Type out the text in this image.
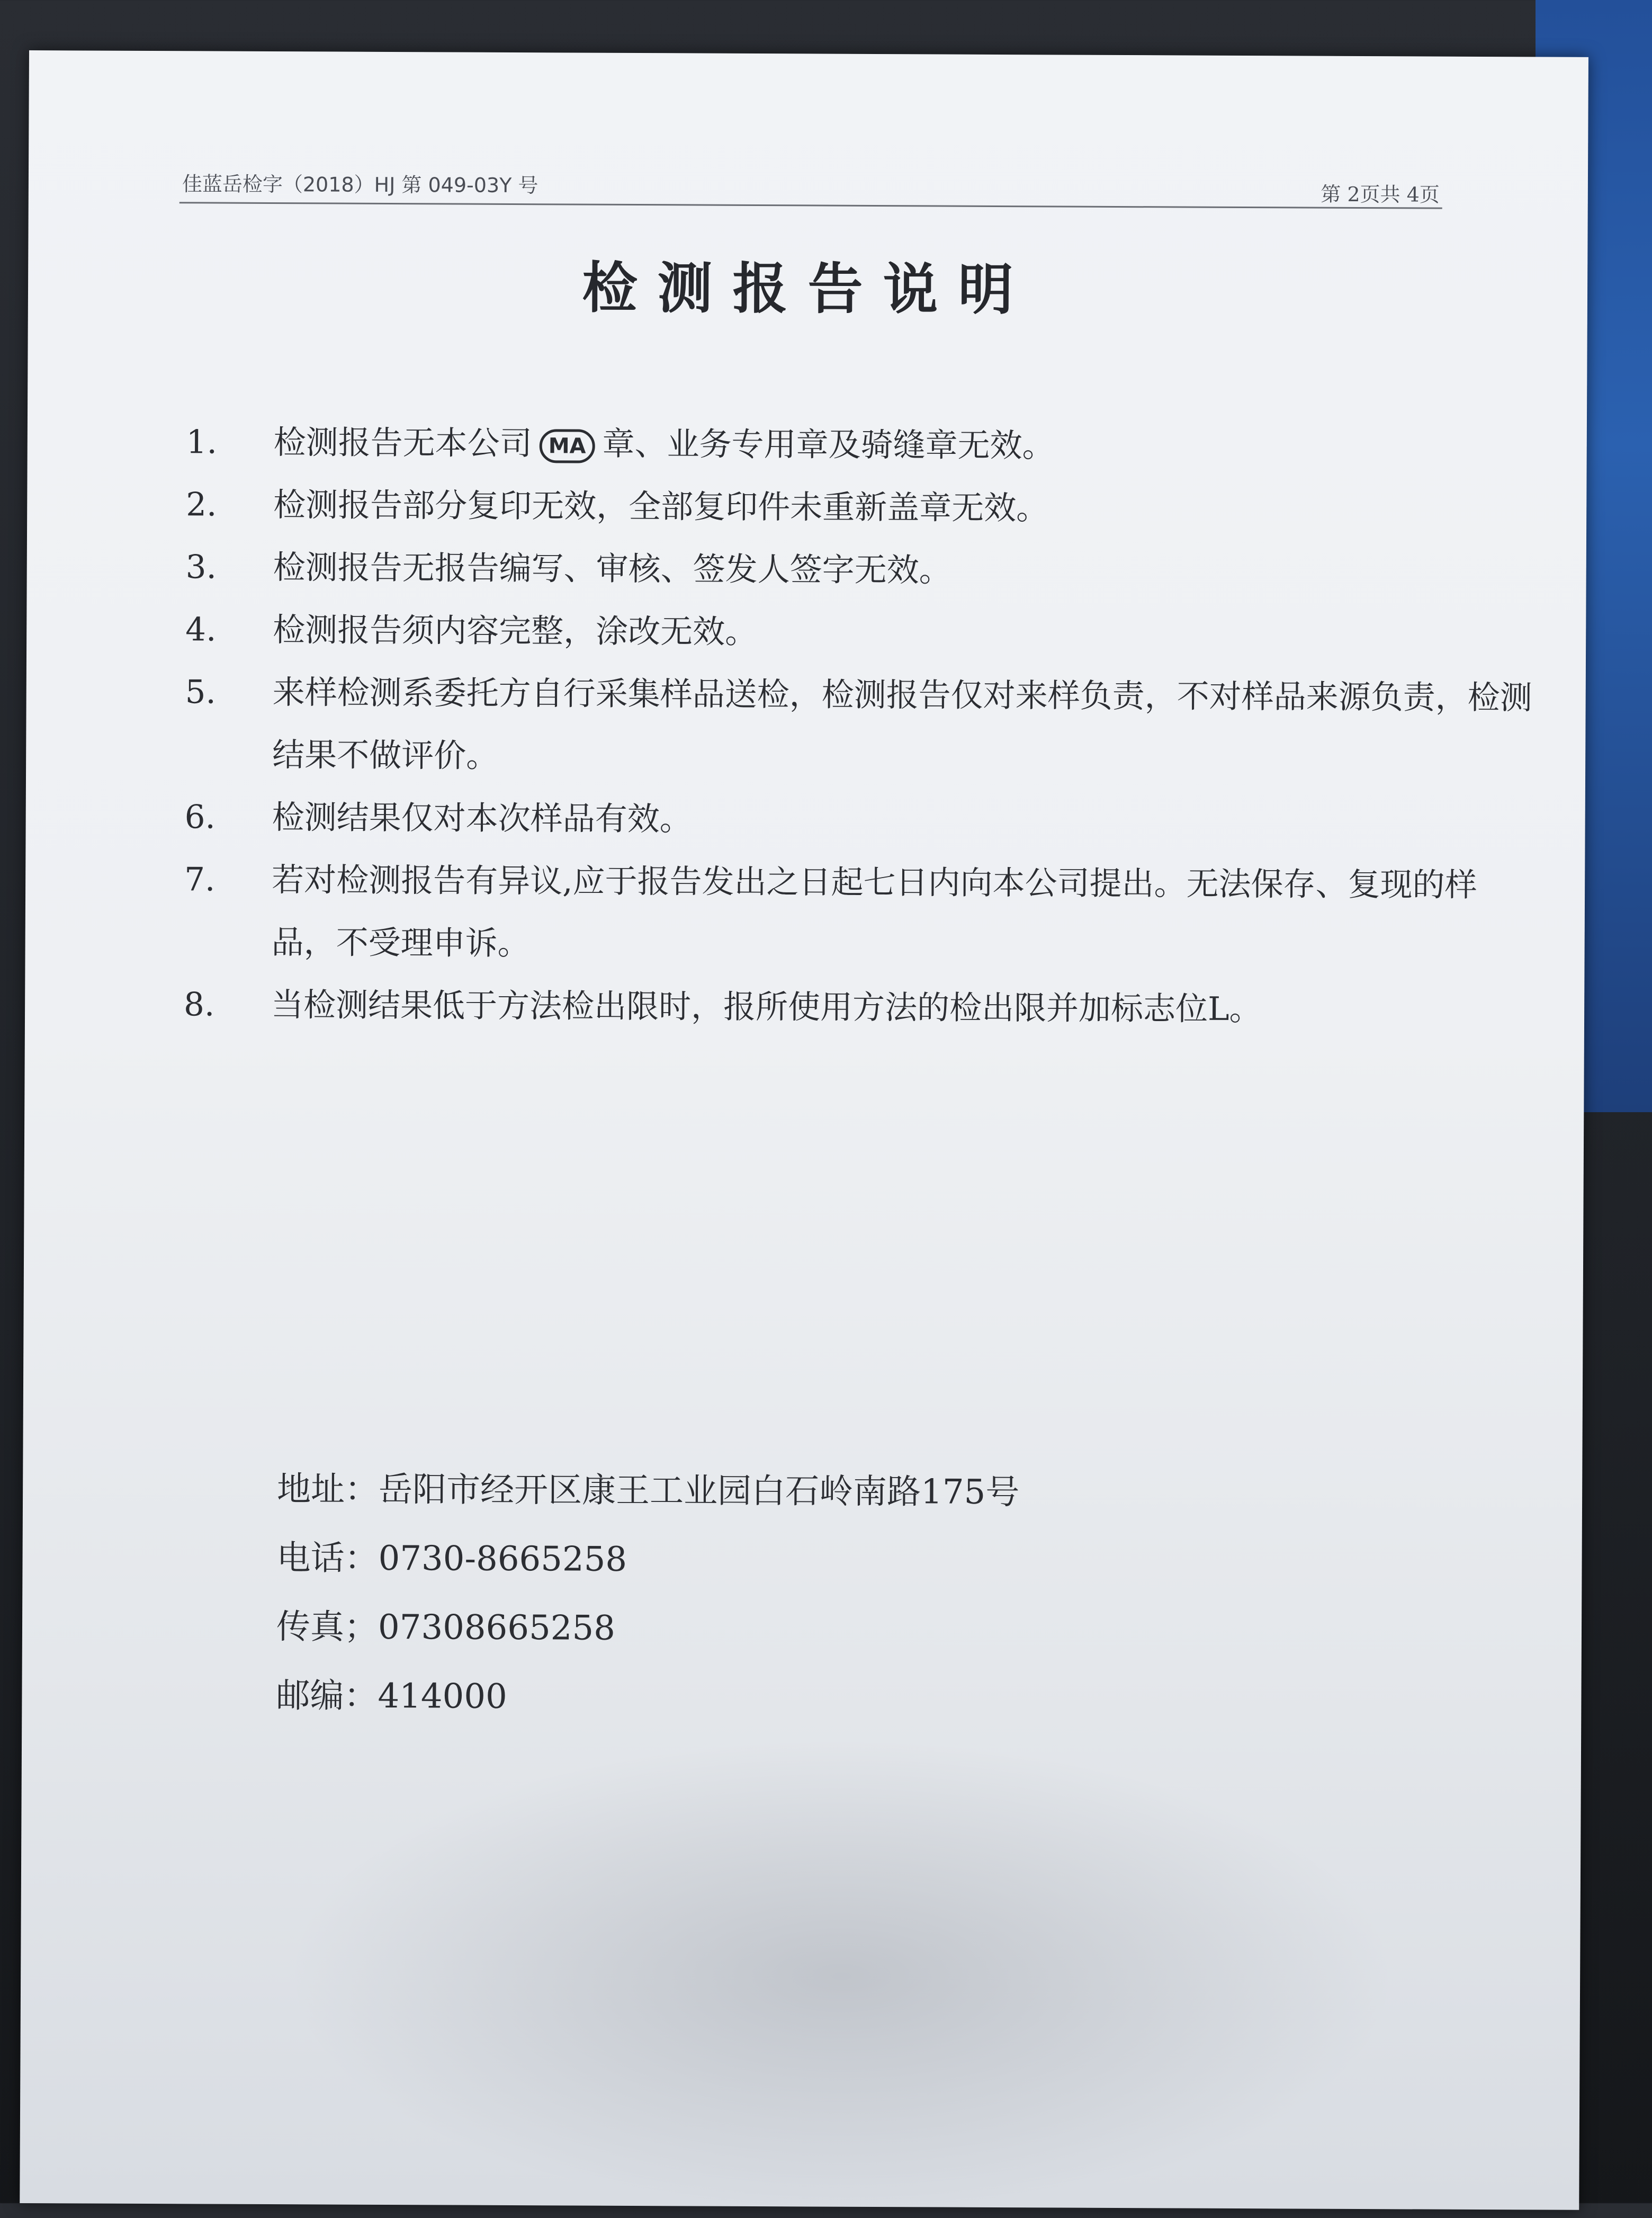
佳蓝岳检字（2018）HJ 第 049-03Y 号	第 2页共 4页
检测报告说明
1.	检测报告无本公司 MA 章、业务专用章及骑缝章无效。
2.	检测报告部分复印无效，全部复印件未重新盖章无效。
3.	检测报告无报告编写、审核、签发人签字无效。
4.	检测报告须内容完整，涂改无效。
5.	来样检测系委托方自行采集样品送检，检测报告仅对来样负责，不对样品来源负责，检测结果不做评价。
6.	检测结果仅对本次样品有效。
7.	若对检测报告有异议,应于报告发出之日起七日内向本公司提出。无法保存、复现的样品，不受理申诉。
8.	当检测结果低于方法检出限时，报所使用方法的检出限并加标志位L。
地址：岳阳市经开区康王工业园白石岭南路175号
电话：0730-8665258
传真；07308665258
邮编：414000
